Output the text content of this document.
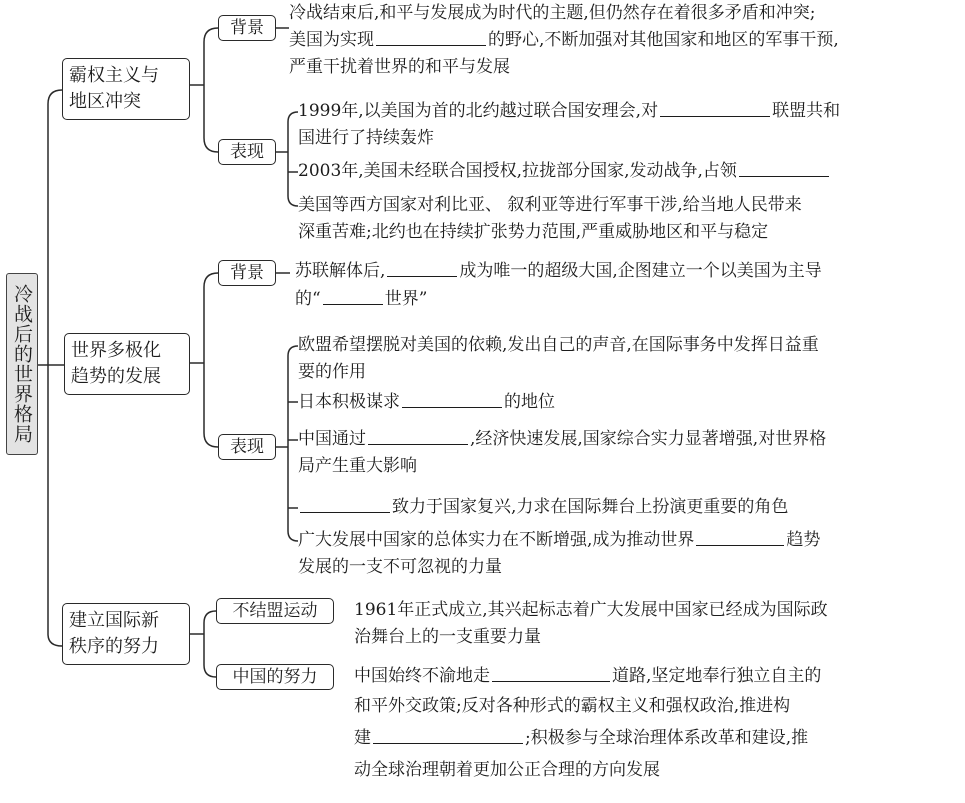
冷战后的世界格局
霸权主义与
地区冲突
世界多极化
趋势的发展
建立国际新
秩序的努力
背景
表现
背景
表现
不结盟运动
中国的努力
冷战结束后,和平与发展成为时代的主题,但仍然存在着很多矛盾和冲突;
美国为实现	的野心,不断加强对其他国家和地区的军事干预,
严重干扰着世界的和平与发展
1999年,以美国为首的北约越过联合国安理会,对	联盟共和
国进行了持续轰炸
2003年,美国未经联合国授权,拉拢部分国家,发动战争,占领
美国等西方国家对利比亚、 叙利亚等进行军事干涉,给当地人民带来
深重苦难;北约也在持续扩张势力范围,严重威胁地区和平与稳定
苏联解体后,	成为唯一的超级大国,企图建立一个以美国为主导
的“	世界”
欧盟希望摆脱对美国的依赖,发出自己的声音,在国际事务中发挥日益重
要的作用
日本积极谋求	的地位
中国通过	,经济快速发展,国家综合实力显著增强,对世界格
局产生重大影响
致力于国家复兴,力求在国际舞台上扮演更重要的角色
广大发展中国家的总体实力在不断增强,成为推动世界	趋势
发展的一支不可忽视的力量
1961年正式成立,其兴起标志着广大发展中国家已经成为国际政
治舞台上的一支重要力量
中国始终不渝地走	道路,坚定地奉行独立自主的
和平外交政策;反对各种形式的霸权主义和强权政治,推进构
建	;积极参与全球治理体系改革和建设,推
动全球治理朝着更加公正合理的方向发展
